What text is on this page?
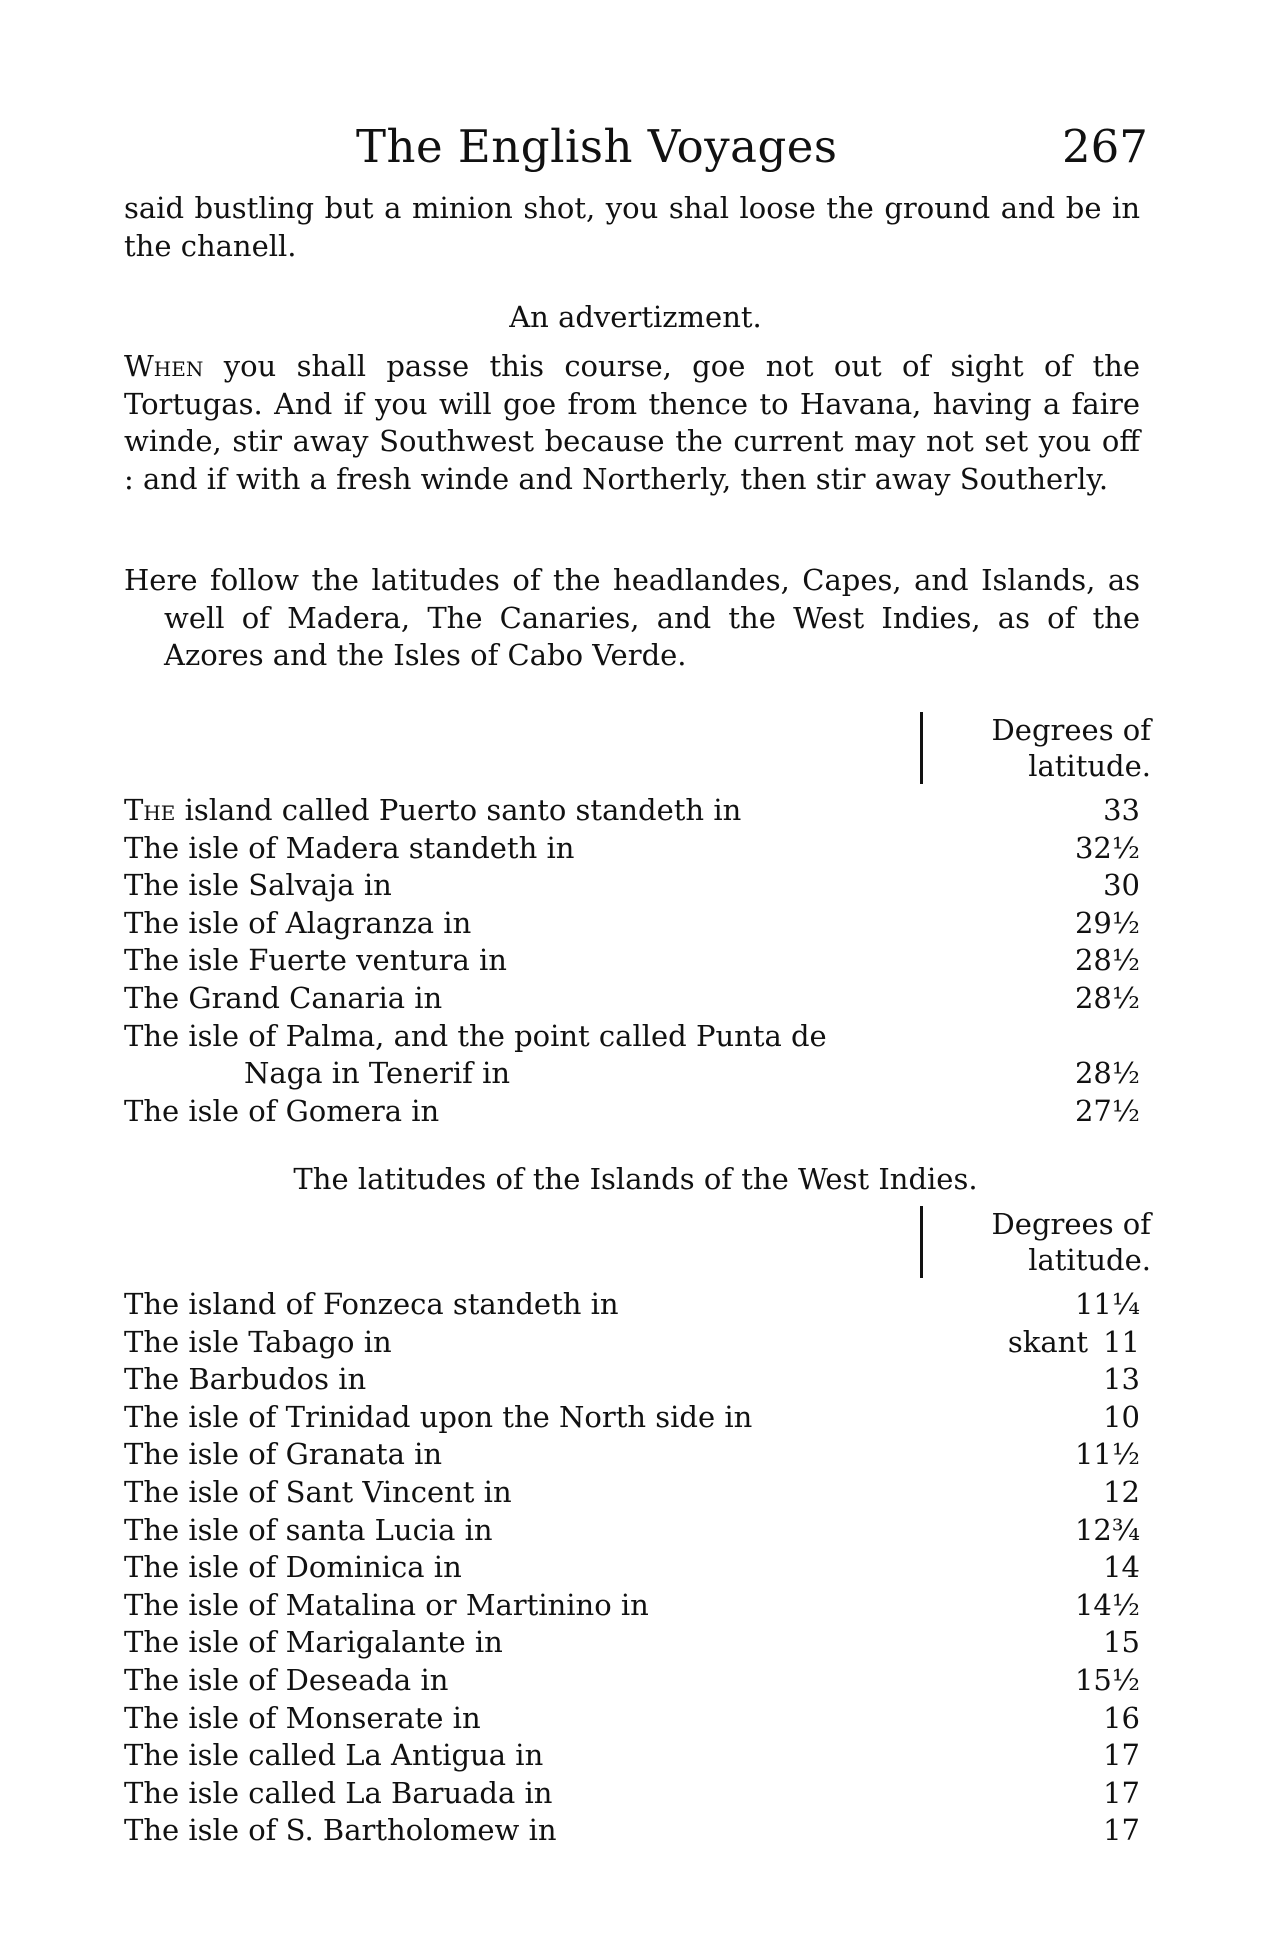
The English Voyages	267

said bustling but a minion shot, you shal loose the ground and be in the chanell.

An advertizment.

When you shall passe this course, goe not out of sight of the Tortugas. And if you will goe from thence to Havana, having a faire winde, stir away Southwest because the current may not set you off : and if with a fresh winde and Northerly, then stir away Southerly.

Here follow the latitudes of the headlandes, Capes, and Islands, as well of Madera, The Canaries, and the West Indies, as of the Azores and the Isles of Cabo Verde.

Degrees of
latitude.
The island called Puerto santo standeth in	33
The isle of Madera standeth in	32½
The isle Salvaja in	30
The isle of Alagranza in	29½
The isle Fuerte ventura in	28½
The Grand Canaria in	28½
The isle of Palma, and the point called Punta de
Naga in Tenerif in	28½
The isle of Gomera in	27½

The latitudes of the Islands of the West Indies.

Degrees of
latitude.
The island of Fonzeca standeth in	11¼
The isle Tabago in	skant 11
The Barbudos in	13
The isle of Trinidad upon the North side in	10
The isle of Granata in	11½
The isle of Sant Vincent in	12
The isle of santa Lucia in	12¾
The isle of Dominica in	14
The isle of Matalina or Martinino in	14½
The isle of Marigalante in	15
The isle of Deseada in	15½
The isle of Monserate in	16
The isle called La Antigua in	17
The isle called La Baruada in	17
The isle of S. Bartholomew in	17
